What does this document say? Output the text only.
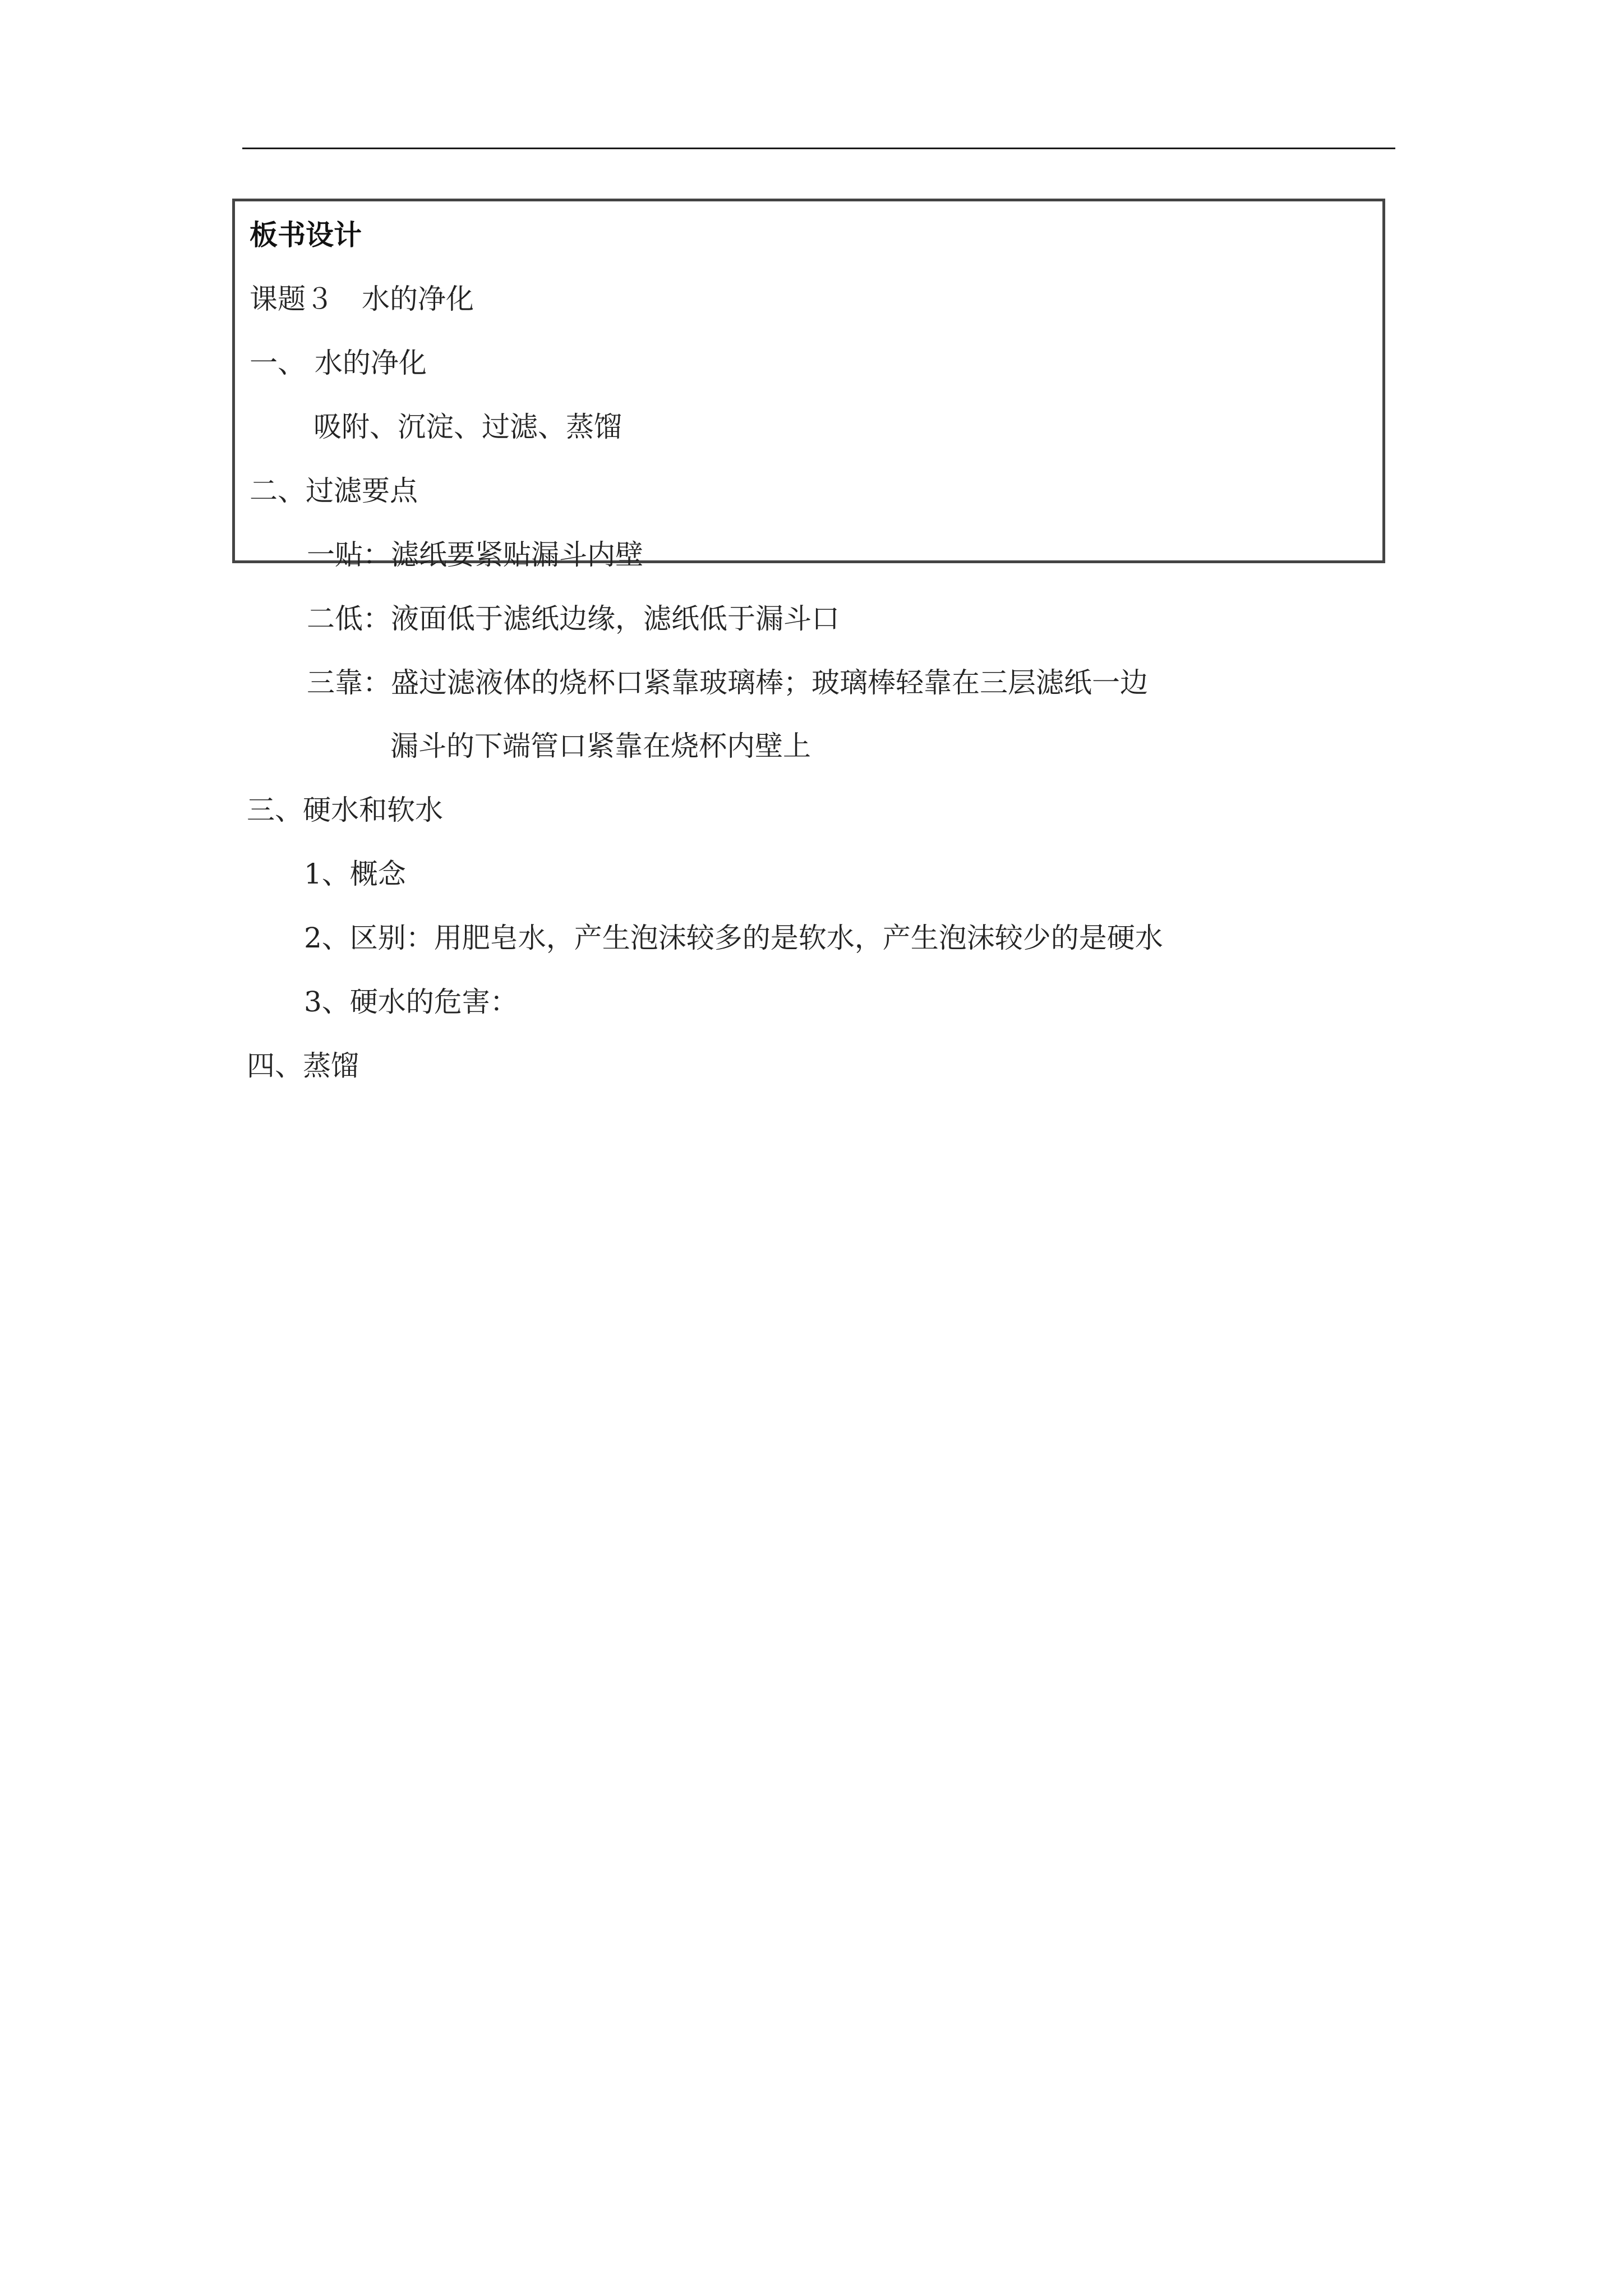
板书设计
课题３　水的净化
一、 水的净化
吸附、沉淀、过滤、蒸馏
二、过滤要点
一贴：滤纸要紧贴漏斗内壁
二低：液面低于滤纸边缘，滤纸低于漏斗口
三靠：盛过滤液体的烧杯口紧靠玻璃棒；玻璃棒轻靠在三层滤纸一边
漏斗的下端管口紧靠在烧杯内壁上
三、硬水和软水
1、概念
2、区别：用肥皂水，产生泡沫较多的是软水，产生泡沫较少的是硬水
3、硬水的危害：
四、蒸馏
